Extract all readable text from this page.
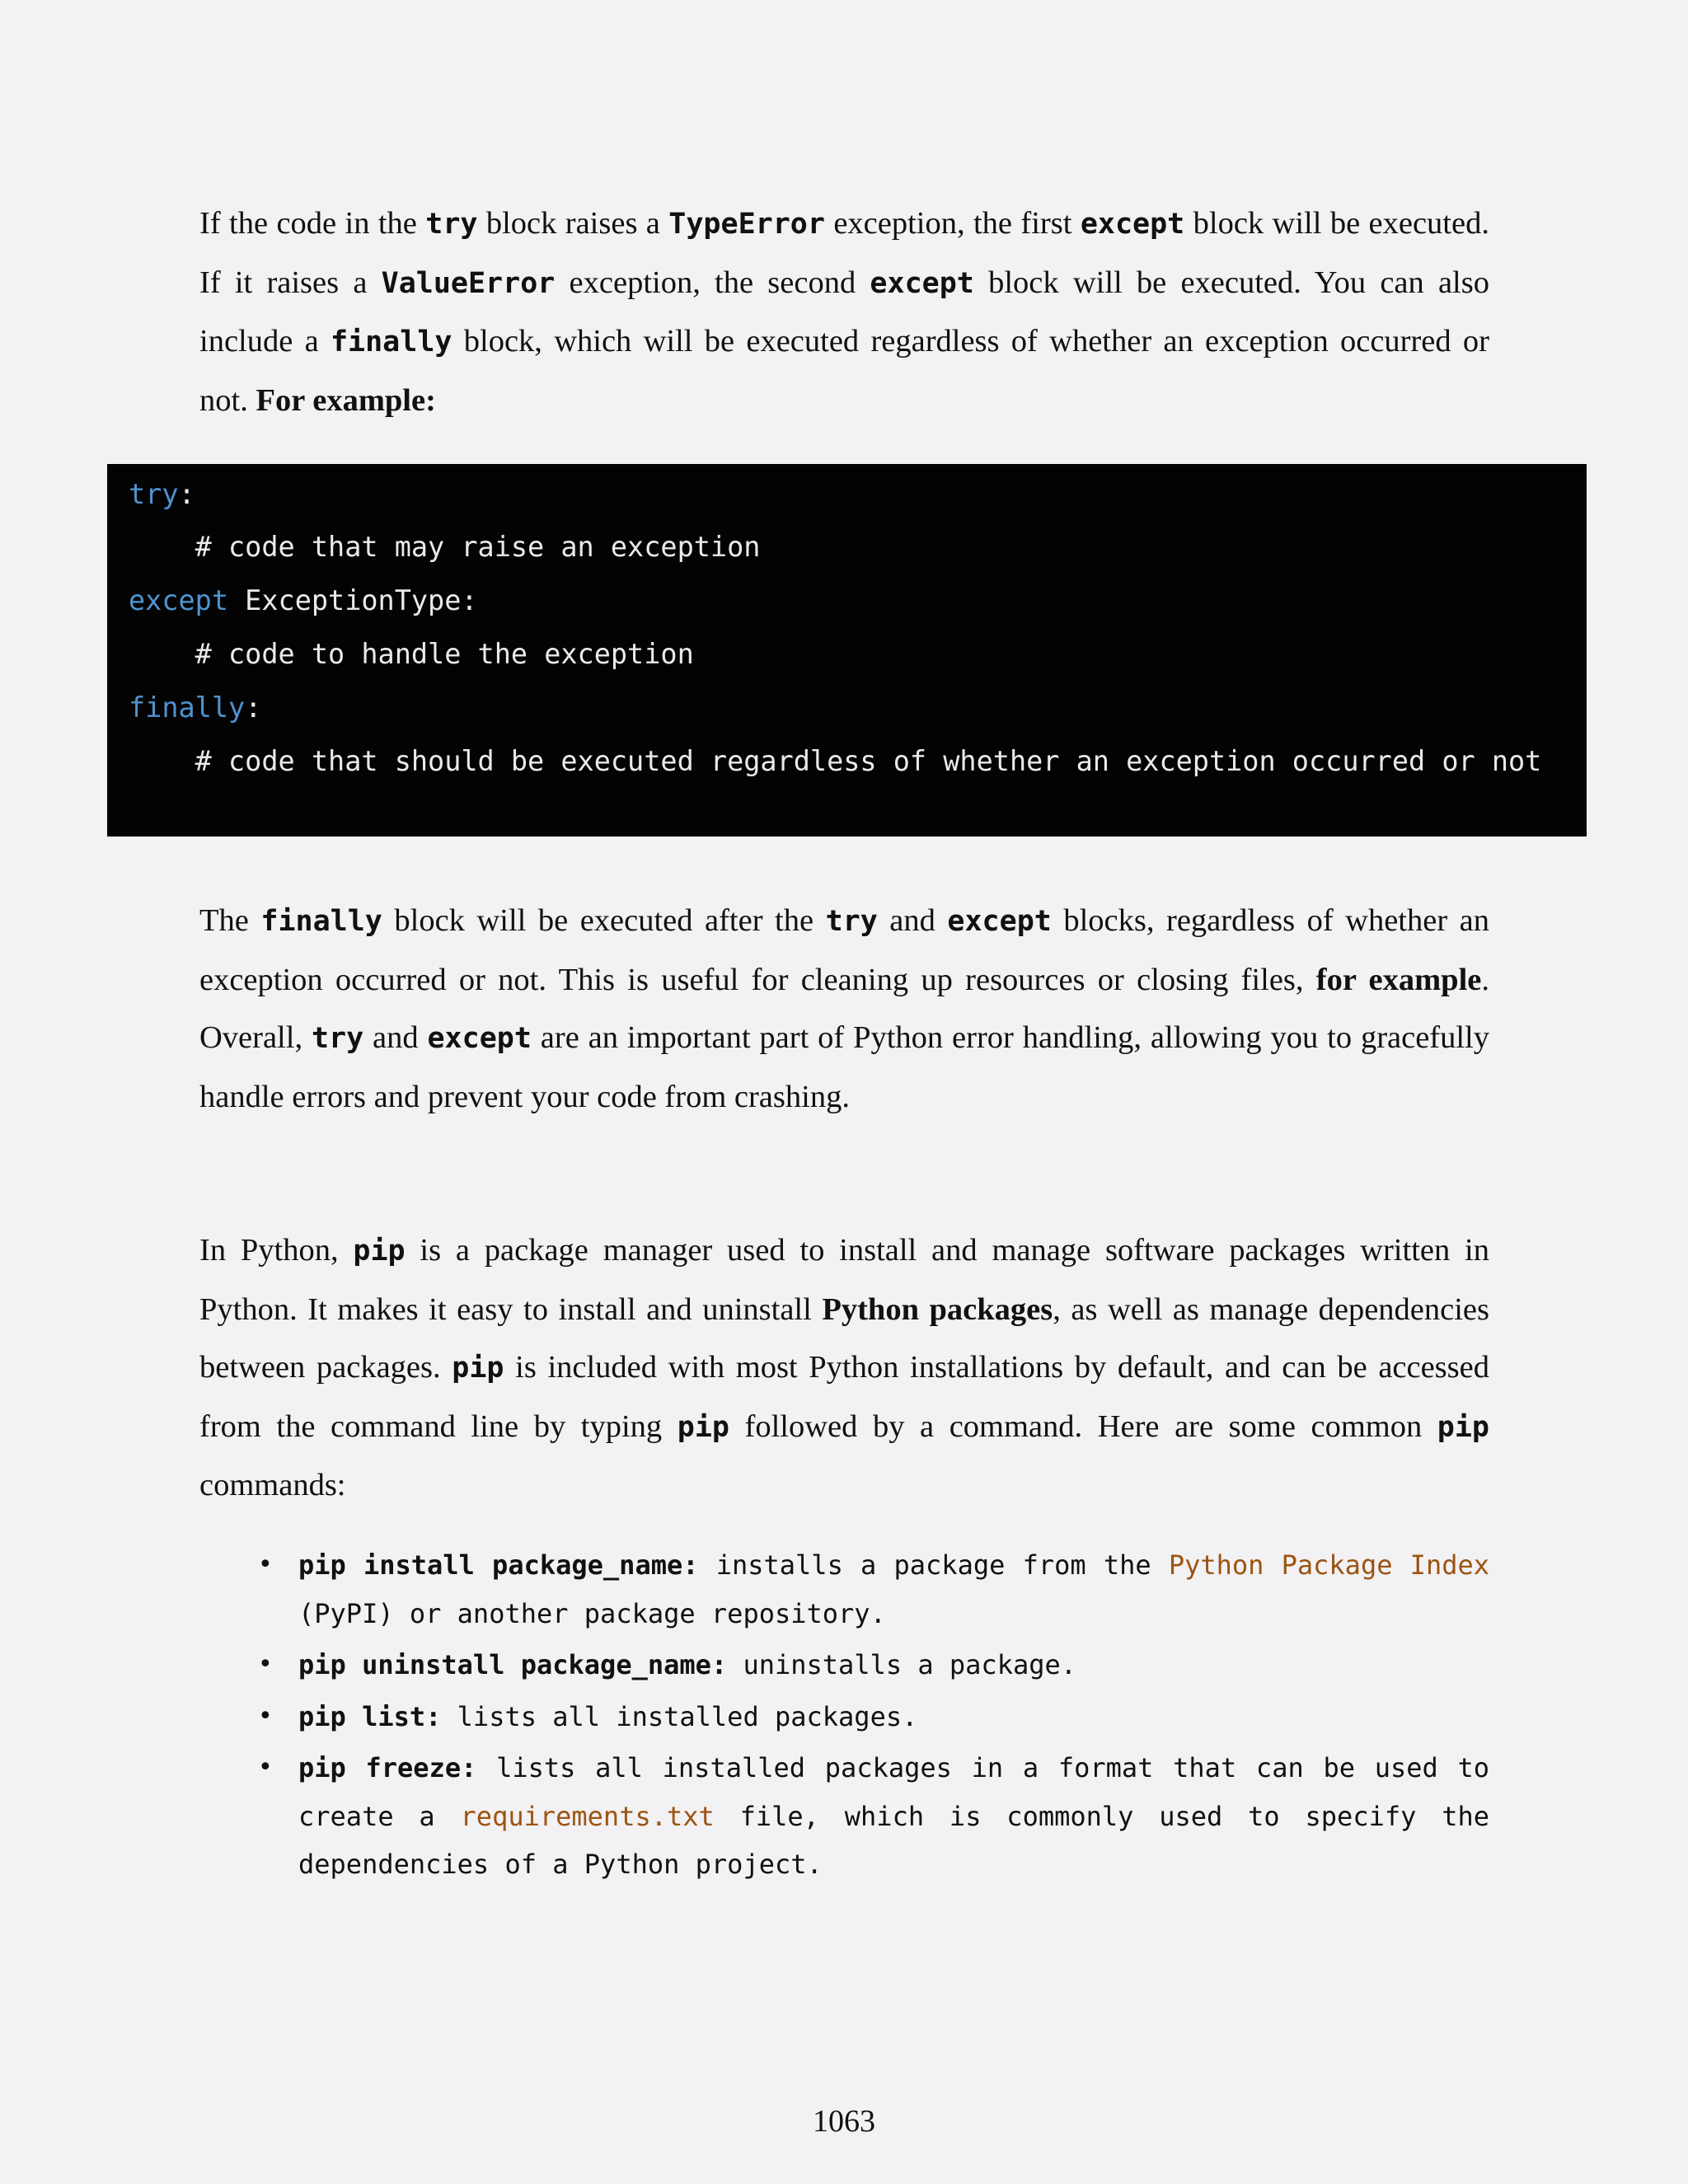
If the code in the try block raises a TypeError exception, the first except block will be executed. If it raises a ValueError exception, the second except block will be executed. You can also include a finally block, which will be executed regardless of whether an exception occurred or not. For example:

try:
# code that may raise an exception
except ExceptionType:
# code to handle the exception
finally:
# code that should be executed regardless of whether an exception occurred or not

The finally block will be executed after the try and except blocks, regardless of whether an exception occurred or not. This is useful for cleaning up resources or closing files, for example. Overall, try and except are an important part of Python error handling, allowing you to gracefully handle errors and prevent your code from crashing.

In Python, pip is a package manager used to install and manage software packages written in Python. It makes it easy to install and uninstall Python packages, as well as manage dependencies between packages. pip is included with most Python installations by default, and can be accessed from the command line by typing pip followed by a command. Here are some common pip commands:

• pip install package_name: installs a package from the Python Package Index (PyPI) or another package repository.
• pip uninstall package_name: uninstalls a package.
• pip list: lists all installed packages.
• pip freeze: lists all installed packages in a format that can be used to create a requirements.txt file, which is commonly used to specify the dependencies of a Python project.
1063
